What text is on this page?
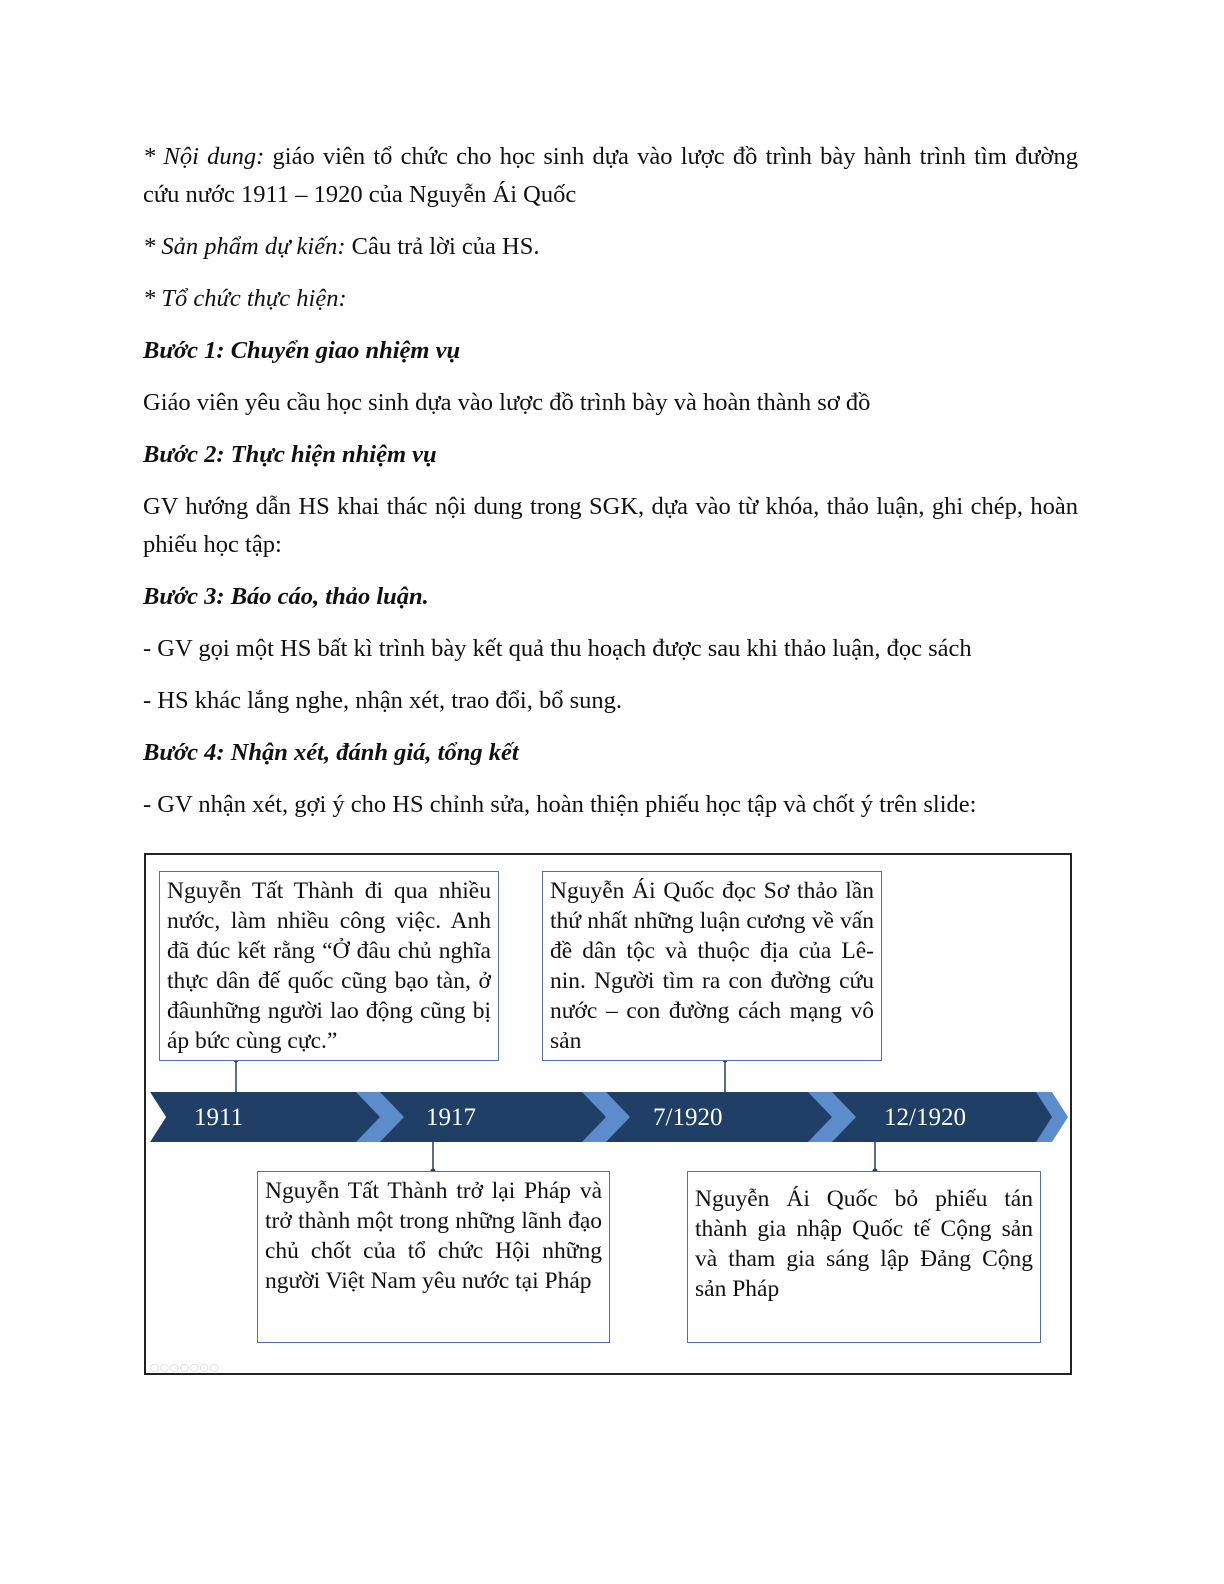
* Nội dung: giáo viên tổ chức cho học sinh dựa vào lược đồ trình bày hành trình tìm đường cứu nước 1911 – 1920 của Nguyễn Ái Quốc

* Sản phẩm dự kiến: Câu trả lời của HS.

* Tổ chức thực hiện:

Bước 1: Chuyển giao nhiệm vụ

Giáo viên yêu cầu học sinh dựa vào lược đồ trình bày và hoàn thành sơ đồ

Bước 2: Thực hiện nhiệm vụ

GV hướng dẫn HS khai thác nội dung trong SGK, dựa vào từ khóa, thảo luận, ghi chép, hoàn phiếu học tập:

Bước 3: Báo cáo, thảo luận.

- GV gọi một HS bất kì trình bày kết quả thu hoạch được sau khi thảo luận, đọc sách

- HS khác lắng nghe, nhận xét, trao đổi, bổ sung.

Bước 4: Nhận xét, đánh giá, tổng kết

- GV nhận xét, gợi ý cho HS chỉnh sửa, hoàn thiện phiếu học tập và chốt ý trên slide:

1911	1917	7/1920	12/1920
Nguyễn Tất Thành đi qua nhiều nước, làm nhiều công việc. Anh đã đúc kết rằng “Ở đâu chủ nghĩa thực dân đế quốc cũng bạo tàn, ở đâunhững người lao động cũng bị áp bức cùng cực.”
Nguyễn Ái Quốc đọc Sơ thảo lần thứ nhất những luận cương về vấn đề dân tộc và thuộc địa của Lê-nin. Người tìm ra con đường cứu nước – con đường cách mạng vô sản
Nguyễn Tất Thành trở lại Pháp và trở thành một trong những lãnh đạo chủ chốt của tổ chức Hội những người Việt Nam yêu nước tại Pháp
Nguyễn Ái Quốc bỏ phiếu tán thành gia nhập Quốc tế Cộng sản và tham gia sáng lập Đảng Cộng sản Pháp
◯◯◯◯◯◯◯
